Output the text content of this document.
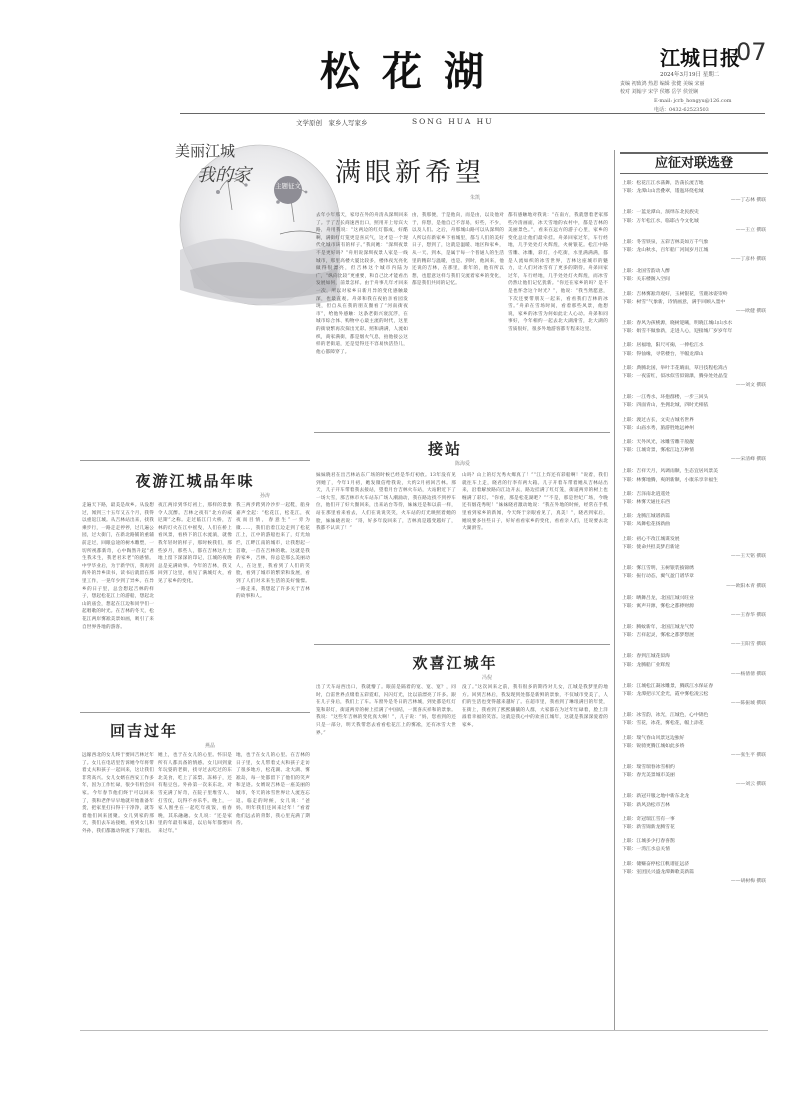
松花湖	江城日报
07
2024年3月19日 星期二
责编 初致鸿 热恩 编辑 张健 美编 宋丽
校对 刘翰宇 宋学 侯娜 岳学 侯萱娴
E-mail: jcrb_hongyu@126.com
电话：0432-62523503
文学原创　家乡人写家乡	SONG HUA HU
美丽江城
我的家	主题征文	满眼新希望
朱凯
去年小年那天，家母在外的舟清从深圳回来了。于了吉长商速西出口，照用开上母宾大路，舟用我说：“这两边的红灯都成，好酷啊，满街红灯笼更是喜庆气，这才是一个现代化城市该有的样子。”我问她：“深圳夜景不是更好吗？”舟用说深圳夜景人家是一线城市，那里高楼大厦比较多，楼体夜光亮化做得很漂亮，但吉林这个城市内陆为广，“纵向比较”更重要，和自己比才能看出发展如何，前景怎样。由于舟事几年才回来一次，所以对家乡日新月异的变化感触最深，也最直观。舟弟和我在夜拍亲看园发现，但自从在我的朋友圈看了“河南街夜市”，给他外感触：这条老街兴衰沉浮，在城市综合体、购物中心最主流的时代，这里的街衰繁再次探出光彩。照和满满，人流如织，商家满街，都是烟火气息，拍他接公这样的老街道，还是觉得还不容易快活热儿，他心都障穿了。
由，我那便，于是他向，而是由，以及他对于，你想，是他自己不容易，好些，不少，以及人们。之后，舟那城山路可以从深圳的人所以有新家乡下看城里，都与人们的美好日子，想到了，这就是温暖、地区和家乡，从一天、到本，是属于每一个普通人的生活里的精彩与温暖，也是。到时，他回来，他还说的吉林，在那里，新年的，他有所以想，也愿意这样与我们交流着家乡的变化，都是我们共同的记忆。
都有感触地对我说：“在南方，我就想着老家那些冷清画面，冰天雪地的农村中，都是吉林的美丽景色。”，看来在远方的游子心里，家乡的变化总让他们最牵挂。舟弟回家过年，车行经地，几手处处灯火辉煌，火树银花。松江中路雪雕、冰雕，彩灯，小吃街，水里满满满，都是人流如织的冰雪世界，吉林这座城市的魅力，让人们对冰雪有了更多的期待。舟弟回家过年，车行经地，几手处处灯火辉煌，而冰雪仍然让他们记忆犹新。“你还在家乡的吗？是不是也怀念这个时光？”，他说：“我当然愿意，下次还要带朋友一起来，看看我们吉林的冰雪。”舟弟在雪场时间，看着那些风景，他想说，家乡的冰雪为何如此让人心动。舟弟和同事好，今年相约一起去北大湖滑雪，北大湖的雪质很好，很多外地游客都专程来这里。
接站
陈海爱
妹妹晓君在出吉林站东广场的时候已经是华灯初放。13年没有见到她了，今年1月初，她发微信给我说，大约2月初回吉林。那天，儿子开车带着我去接站，望着月台吉林火车站，大站附近下了一场大雪，那吉林市火车站东广场人潮涌动，我在路边找不到停车位，他们开了好大圈回来，出来站台等待，妹妹还是和以前一样，站在那里看来看去，人们在说说笑笑，火车站的灯光映照着她的脸，妹妹晓君说：“哥，好多年没回来了，吉林真是越变越好了，我都不认识了！”
山吗？山上的灯光秀火爆真了！”“江上炸还有彩船啊！”说着，我们就往车上走，晓君的行李有两大箱。儿子开着车带着她从吉林站出来，沿着解放路向江边开去，路边挂满了红灯笼，街道两旁的树上也缠满了彩灯。“你看，那是松花湖吧？”“不是，那是世纪广场，今晚还有烟花秀呢！”妹妹晓君激动地说：“我在外地的时候，经常在手机里看到家乡的新闻，今天终于亲眼看见了，真美！”，晓君到家后，她说要多住些日子，好好看看家乡的变化，看看亲人们，还说要去北大湖滑雪。
夜游江城品年味
孙涛
走遍天下路，最美是故乡。从没想过，闻到三十五年又五个月，我得以重返江城。从吉林站出来，找我乘步行，一路走走停停，过几遍公园，过大街门，在新北路铺的重辅前走过，回眼总途的树木雕塑，一切所视都新奇，心中陶然升起“君生我未生，我老君未老”的感情。中学毕业后，为于新学历，我再到海外的异乡读书，读书后就留在那里工作，一晃年少到了异乡。在异乡的日子里，总会想起吉林的样子，想起松花江上的游船，想起北山的庙会，想起在江边和同学们一起唱歌的时光。在吉林的冬天，松花江两岸雾凇美景如画，吸引了来自世界各地的游客。
夜江两岸到华灯初上，那样的景象令人沉醉。吉林之夜有“北方的威尼斯”之称。走过临江门大桥，吉林的灯火在江中摇曳，人们在桥上看风景，看桥下的江水流淌，就像我年轻时的样子，那时候我们，那些岁月，那些人，都在吉林这片土地上留下深深的印记，江城的夜晚总是充满故事。今年的吉林，我又回到了这里，看见了满城灯火，看见了家乡的变化。
我三两步跨到冷沙步一起鞋，船身嘉声全起：“松花江，松花江，夜夜而目情，春意生”一旁为微……，我们沿着江边走到了松花江上，江中的游船也来了，灯光灿烂，江畔江南的城市，让我想起一首歌，一首在吉林的歌。这就是我的家乡，吉林，你总是那么美丽动人，在这里，我看到了人们的笑脸，看到了城市的繁荣和发展，看到了人们对未来生活的美好憧憬。一路走来，我想起了许多关于吉林的故事和人。
回吉过年
燕晶
远嫁西北的女儿终于要回吉林过年了。女儿在电话里告诉她今年将带着丈夫和孩子一起回来，这让我们非常高兴。女儿女婿在西安工作多年，因为工作忙碌，很少有机会回家。今年春节他们终于可以回来了，我和老伴早早地就开始准备年货，把家里打扫得干干净净，就等着他们回来团聚。女儿到家的那天，我们去车站接她，看到女儿和外孙，我们都激动得流下了眼泪。
她上，也于在女儿的心里。怀旧是所有人都具备的情感。女儿回到童年玩耍的老街，找寻过去吃过的东北美食，吃上了冻梨、冻柿子，还有粘豆包。外孙第一次来东北，对雪充满了好奇，在院子里堆雪人、打雪仗，玩得不亦乐乎。晚上，一家人围坐在一起吃年夜饭，看春晚，其乐融融。女儿说：“还是家里的年最有味道，以后每年都要回来过年。”
地，也于在女儿的心里。在吉林的日子里，女儿带着丈夫和孩子走访了很多地方，松花湖、北大湖、雾凇岛，每一处都留下了他们的笑声和足迹。女婿说吉林是一座美丽的城市，冬天的冰雪世界让人流连忘返。临走的时候，女儿说：“爸妈，明年我们还回来过年！”看着他们远去的背影，我心里充满了期待。
欢喜江城年
冯倪
出了天车站西出口，我就懵了。眼前是隔着的宽、宽、宽？，同时，自雷世界点缀着五彩霓虹，闪闪灯光，比以前漂亮了许多。跟在儿子身后，我们上了车。车窗外是冬日的吉林城，到处都是红灯笼和彩灯，街道两旁的树上挂满了中国结，一派喜庆祥和的景象。我说：“这些年吉林的变化真大啊！”，儿子说：“妈，您看到的还只是一部分，明天我带您去看看松花江上的雾凇，还有冰雪大世界。”
没了。”这次回来之前，我有很多的期待对儿女，江城是我梦里的地方。回到吉林后，我发现到处都是新鲜的景象，不仅城市变美了，人们的生活也变得越来越好了。在超市里，我看到了琳琅满目的年货，在街上，我看到了熙熙攘攘的人群，大家都在为过年忙碌着，脸上洋溢着幸福的笑容。这就是我心中的欢喜江城年，这就是我深深爱着的家乡。
应征对联选登
上联：松花江江水荡舞，浩荡长流吉地
下联：龙潭山山峦叠翠，逶迤环绕松城
——丁志林 撰联
上联：一蓝龙潭山，演绎东北民族史
下联：万年松江水，临耶古今文化城
——王立 撰联
上联：冬雪铁泉，五彩吉林美如万千气象
下联：龙山秋水，百年船厂河间岁月江城
——丁彦朴 撰联
上联：北国雪韵动人醉
下联：关东楼阁入空间
上联：吉林雾凇奇观好，玉树银花，雪鹿冰姿崇岭
下联：树雪“气象新，诗情画意，满手回顾入墨中
——欧健 撰联
上联：春风为孩桃源，晓树迎曦，明晓江城山山水水
下联：娟雪不做象新，走进人心，迎接城厂岁岁年年
上联：居福地，阳尺可掬，一捧松江水
下联：得仙缘，寻常楼台，半幅龙潭山
上联：典腾北国，举叶丰花晴雨，草目技程松嵩古
下联：一夜雷红，似冰似雪似锦瀑，腾身处处晶莹
——刘文 撰联
上联：一江秀水，环抱群楼，一步三回头
下联：四面青山，坐拥北城，四时光相依
上联：渡过古长，文史古城名世界
下联：山庙水秀，旅游胜地远神州
上联：天外风光，冰雕雪雕千般靓
下联：江城奇景，雾凇江边万种情
——宋清峰 撰联
上联：吉祥天月，风调雨顺，生态宜居风景美
下联：林雾地腾，爽朗新顺，小康乐享幸福生
上联：吉泽南北逍遥处
下联：林雾天通往东西
上联：龙腾江城谱新篇
下联：凤舞松花扬新曲
上联：初心不改江城谋发展
下联：使命共担美梦启新途
——王天铭 撰联
上联：雾江雪明，玉树银装披锦绣
下联：振行动态，翼气盈门谱华章
——欧阳本青 撰联
上联：晒舞吕龙，北国江城兴旺业
下联：寓声开源，雾松之都捧财源
——王春华 撰联
上联：腾蚊新年，北国江城龙气势
下联：吉祥起灵，雾凇之都梦想展
——王阳雪 撰联
上联：春到江城花似海
下联：龙腾船厂业辉煌
——杨倩倩 撰联
上联：江城松江凝冰雕景，腾跃江水保证春
下联：龙潭把示冗金光，霞中雾松凌云松
——陈振城 撰联
上联：冰雪韵，冰光，江城色，心中锦色
下联：雪花，冰花，雾松花，幅上添花
上联：瑞气春山风景这边独好
下联：锐骑更腾江城如此多娇
——张生平 撰联
上联：瑞雪瑞春冰雪相约
下联：春光美景城市美丽
——刘云 撰联
上联：新冠开服之地中新东北龙
下联：新风劲松市吉林
上联：奇冠瑞江雪有一事
下联：新雪锦新龙腾雪花
上联：江城多少打春喜鹊
下联：一湾江水总关情
上联：储赚奋停松江帆谱征远济
下联：室团民兴盛龙潭舞歌美新篇
——胡树梅 撰联
